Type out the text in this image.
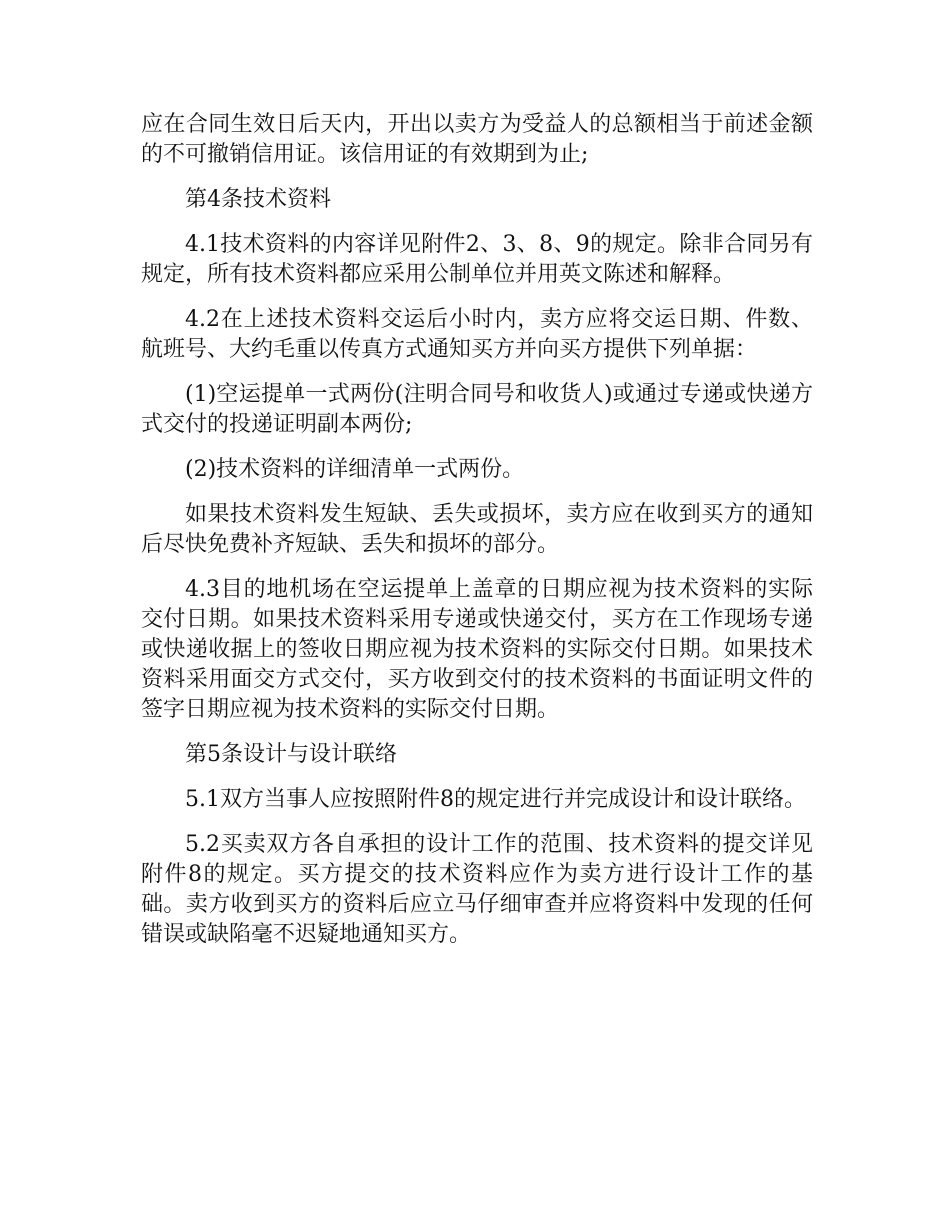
应在合同生效日后天内，开出以卖方为受益人的总额相当于前述金额的不可撤销信用证。该信用证的有效期到为止;

第4条技术资料

4.1技术资料的内容详见附件2、3、8、9的规定。除非合同另有规定，所有技术资料都应采用公制单位并用英文陈述和解释。

4.2在上述技术资料交运后小时内，卖方应将交运日期、件数、航班号、大约毛重以传真方式通知买方并向买方提供下列单据：

(1)空运提单一式两份(注明合同号和收货人)或通过专递或快递方式交付的投递证明副本两份;

(2)技术资料的详细清单一式两份。

如果技术资料发生短缺、丢失或损坏，卖方应在收到买方的通知后尽快免费补齐短缺、丢失和损坏的部分。

4.3目的地机场在空运提单上盖章的日期应视为技术资料的实际交付日期。如果技术资料采用专递或快递交付，买方在工作现场专递或快递收据上的签收日期应视为技术资料的实际交付日期。如果技术资料采用面交方式交付，买方收到交付的技术资料的书面证明文件的签字日期应视为技术资料的实际交付日期。

第5条设计与设计联络

5.1双方当事人应按照附件8的规定进行并完成设计和设计联络。

5.2买卖双方各自承担的设计工作的范围、技术资料的提交详见附件8的规定。买方提交的技术资料应作为卖方进行设计工作的基础。卖方收到买方的资料后应立马仔细审查并应将资料中发现的任何错误或缺陷毫不迟疑地通知买方。
